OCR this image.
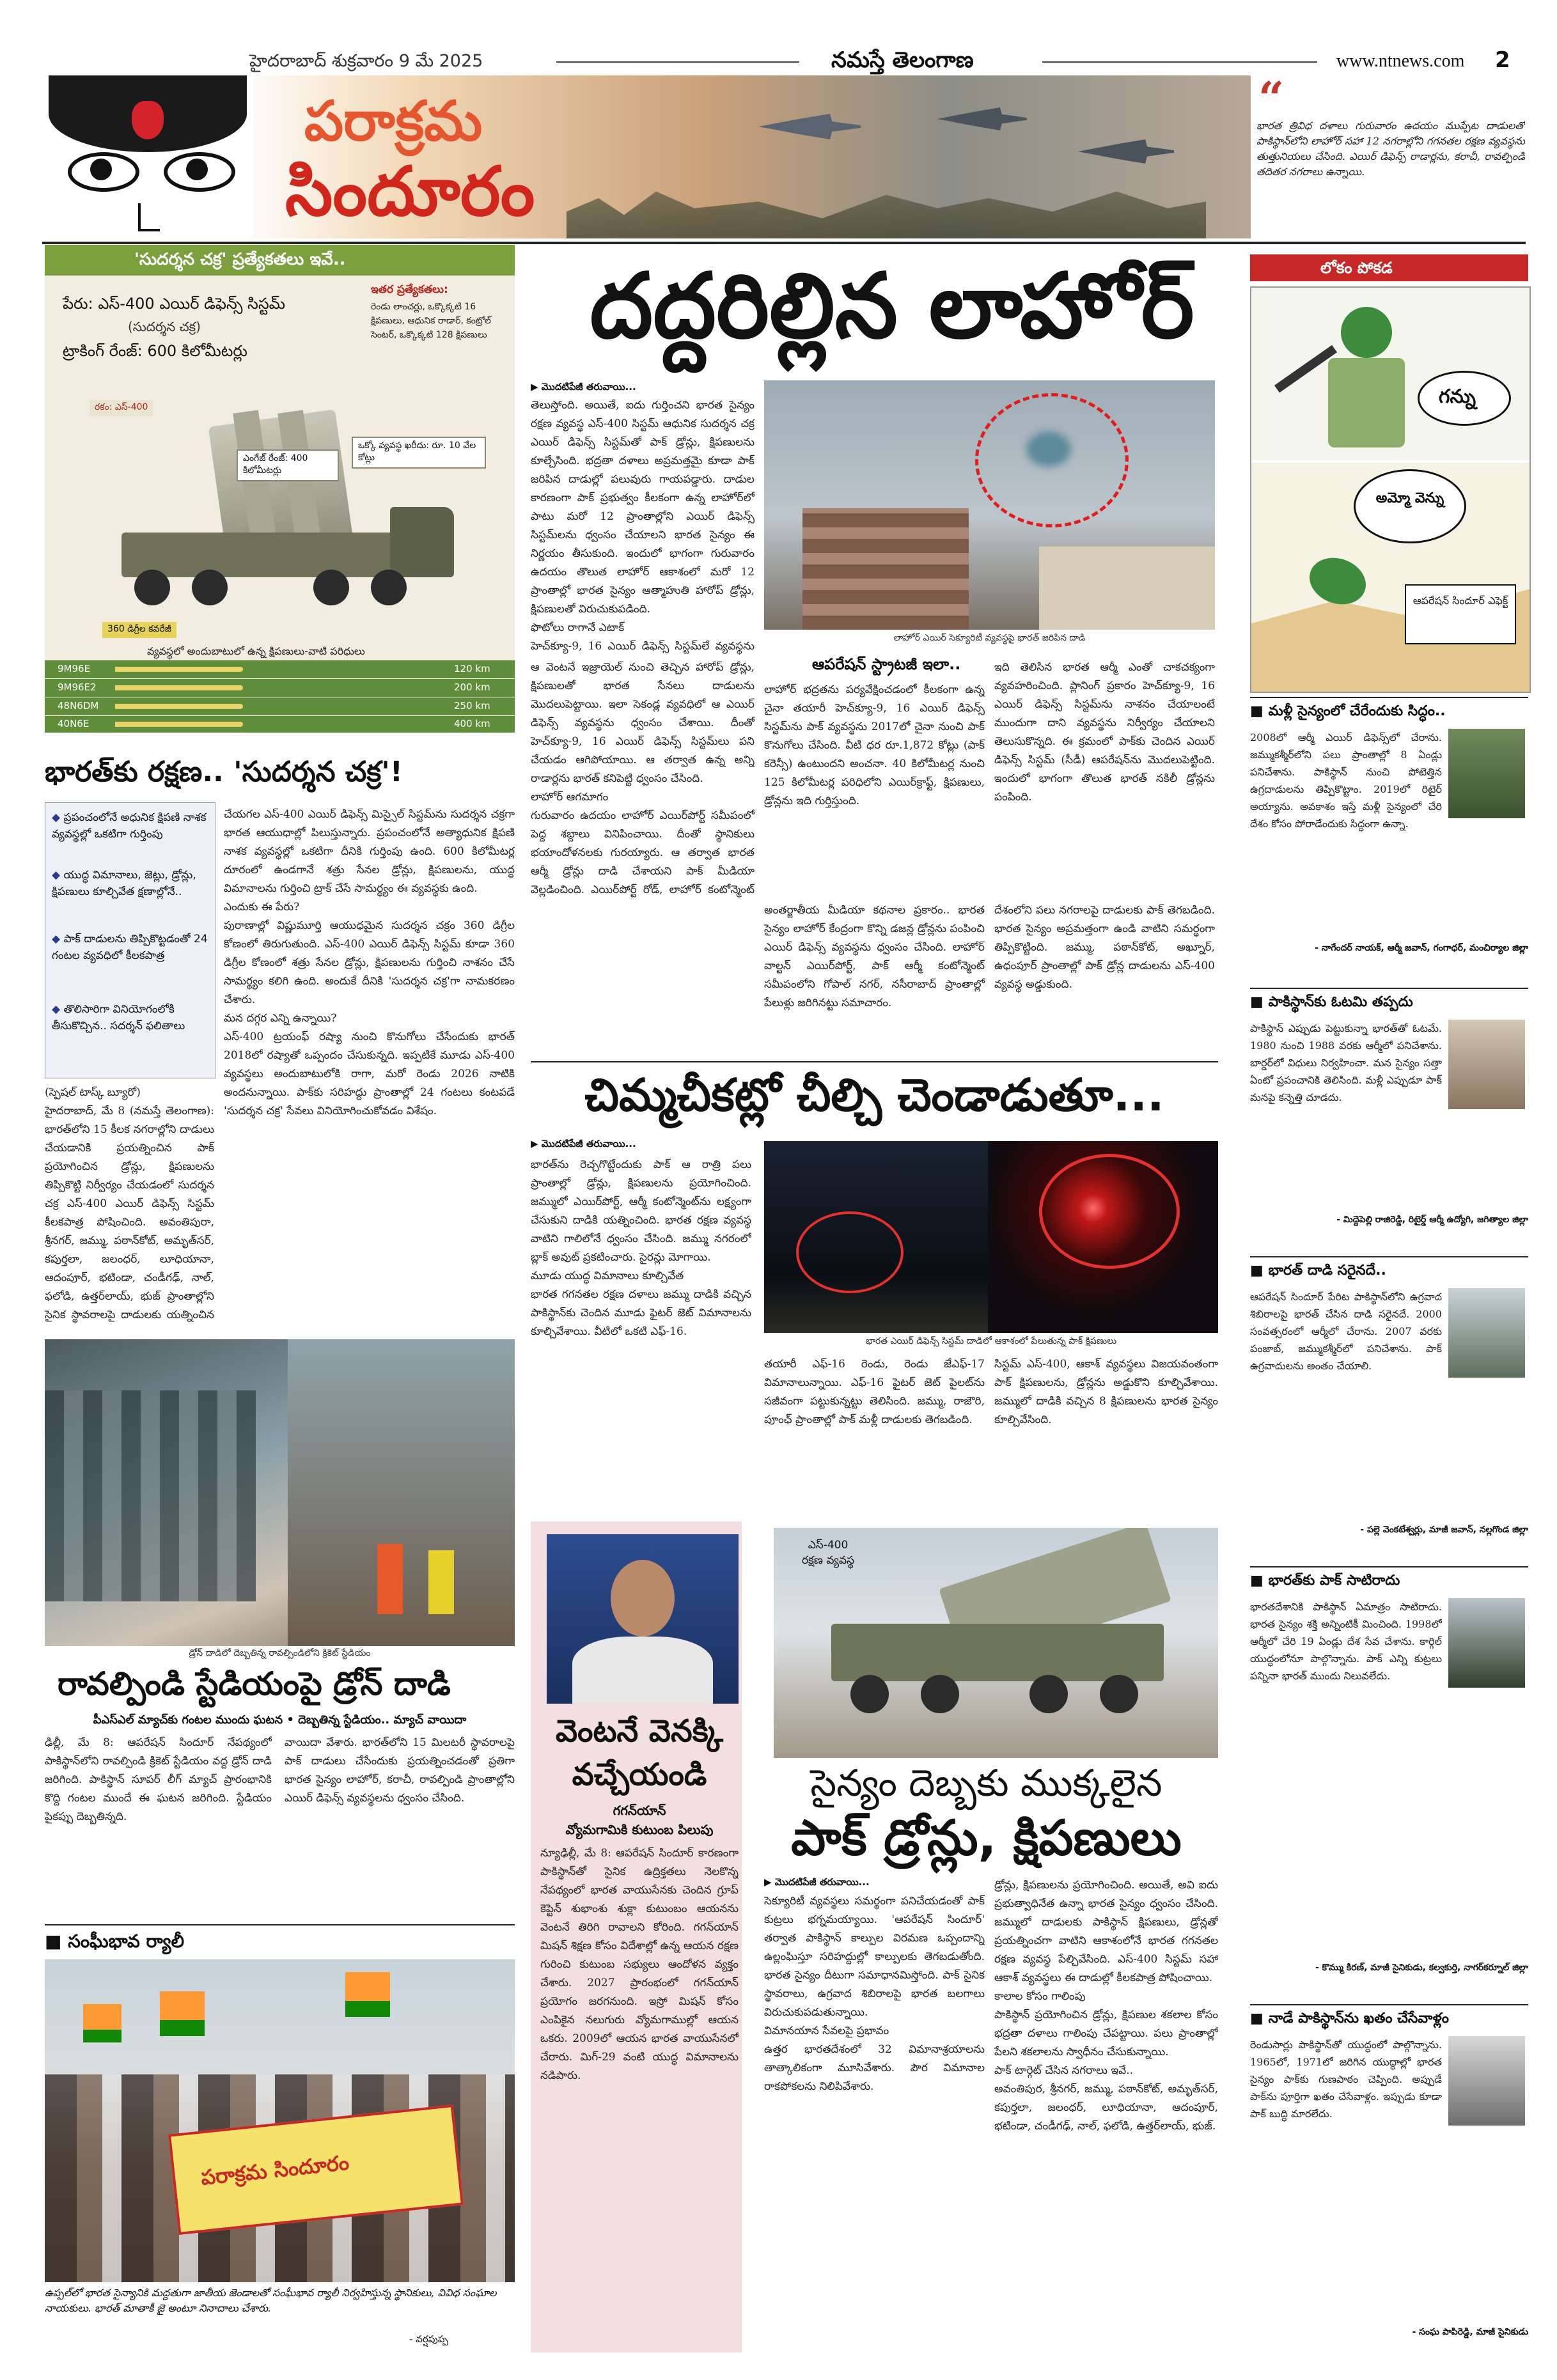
హైదరాబాద్ శుక్రవారం 9 మే 2025	నమస్తే తెలంగాణ	www.ntnews.com 2
పరాక్రమ
సిందూరం
“
భారత త్రివిధ దళాలు గురువారం ఉదయం ముప్పేట దాడులతో పాకిస్థాన్‌లోని లాహోర్ సహా 12 నగరాల్లోని గగనతల రక్షణ వ్యవస్థను తుత్తునియలు చేసింది. ఎయిర్ డిఫెన్స్ రాడార్లను, కరాచీ, రావల్పిండి తదితర నగరాలు ఉన్నాయి.
'సుదర్శన చక్ర' ప్రత్యేకతలు ఇవే..
పేరు: ఎస్-400 ఎయిర్ డిఫెన్స్ సిస్టమ్
(సుదర్శన చక్ర)
ట్రాకింగ్ రేంజ్: 600 కిలోమీటర్లు
ఇతర ప్రత్యేకతలు:
రెండు లాంచర్లు, ఒక్కొక్కటి 16 క్షిపణులు, ఆధునిక రాడార్, కంట్రోల్ సెంటర్, ఒక్కొక్కటి 128 క్షిపణులు
రకం: ఎస్-400
ఎంగేజ్ రేంజ్: 400 కిలోమీటర్లు
ఒక్కో వ్యవస్థ ఖరీదు: రూ. 10 వేల కోట్లు
360 డిగ్రీల కవరేజీ
వ్యవస్థలో అందుబాటులో ఉన్న క్షిపణులు-వాటి పరిధులు
9M96E	120 km
9M96E2	200 km
48N6DM	250 km
40N6E	400 km
భారత్‌కు రక్షణ.. 'సుదర్శన చక్ర'!
◆ ప్రపంచంలోనే అధునిక క్షిపణి నాశక వ్యవస్థల్లో ఒకటిగా గుర్తింపు
◆ యుద్ధ విమానాలు, జెట్లు, డ్రోన్లు, క్షిపణులు కూల్చివేత క్షణాల్లోనే..
◆ పాక్ దాడులను తిప్పికొట్టడంతో 24 గంటల వ్యవధిలో కీలకపాత్ర
◆ తొలిసారిగా వినియోగంలోకి తీసుకొచ్చిన.. సదర్శన్ ఫలితాలు
(స్పెషల్ టాస్క్ బ్యూరో)
హైదరాబాద్, మే 8 (నమస్తే తెలంగాణ): భారత్‌లోని 15 కీలక నగరాల్లోని దాడులు చేయడానికి ప్రయత్నించిన పాక్ ప్రయోగించిన డ్రోన్లు, క్షిపణులను తిప్పికొట్టి నిర్వీర్యం చేయడంలో సుదర్శన చక్ర ఎస్-400 ఎయిర్ డిఫెన్స్ సిస్టమ్ కీలకపాత్ర పోషించింది. అవంతిపురా, శ్రీనగర్, జమ్ము, పఠాన్‌కోట్, అమృత్‌సర్, కపుర్తలా, జలంధర్, లూధియానా, ఆదంపూర్, భటిండా, చండీగఢ్, నాల్, ఫలోడి, ఉత్తర్‌లాయ్, భుజ్ ప్రాంతాల్లోని సైనిక స్థావరాలపై దాడులకు యత్నించిన

చేయగల ఎస్-400 ఎయిర్ డిఫెన్స్ మిస్సైల్ సిస్టమ్‌ను సుదర్శన చక్రగా భారత ఆయుధాల్లో పిలుస్తున్నారు. ప్రపంచంలోనే అత్యాధునిక క్షిపణి నాశక వ్యవస్థల్లో ఒకటిగా దీనికి గుర్తింపు ఉంది. 600 కిలోమీటర్ల దూరంలో ఉండగానే శత్రు సేనల డ్రోన్లు, క్షిపణులను, యుద్ధ విమానాలను గుర్తించి ట్రాక్ చేసే సామర్థ్యం ఈ వ్యవస్థకు ఉంది.
ఎందుకు ఈ పేరు?
పురాణాల్లో విష్ణుమూర్తి ఆయుధమైన సుదర్శన చక్రం 360 డిగ్రీల కోణంలో తిరుగుతుంది. ఎస్-400 ఎయిర్ డిఫెన్స్ సిస్టమ్ కూడా 360 డిగ్రీల కోణంలో శత్రు సేనల డ్రోన్లు, క్షిపణులను గుర్తించి నాశనం చేసే సామర్థ్యం కలిగి ఉంది. అందుకే దీనికి 'సుదర్శన చక్ర'గా నామకరణం చేశారు.
మన దగ్గర ఎన్ని ఉన్నాయి?
ఎస్-400 ట్రయంఫ్ రష్యా నుంచి కొనుగోలు చేసేందుకు భారత్ 2018లో రష్యాతో ఒప్పందం చేసుకున్నది. ఇప్పటికే మూడు ఎస్-400 వ్యవస్థలు అందుబాటులోకి రాగా, మరో రెండు 2026 నాటికి అందనున్నాయి. పాక్‌కు సరిహద్దు ప్రాంతాల్లో 24 గంటలు కంటపడే 'సుదర్శన చక్ర' సేవలు వినియోగించుకోవడం విశేషం.
డ్రోన్ దాడిలో దెబ్బతిన్న రావల్పిండిలోని క్రికెట్ స్టేడియం
రావల్పిండి స్టేడియంపై డ్రోన్ దాడి
పీఎస్ఎల్ మ్యాచ్‌కు గంటల ముందు ఘటన • దెబ్బతిన్న స్టేడియం.. మ్యాచ్ వాయిదా
ఢిల్లీ, మే 8: ఆపరేషన్ సిందూర్ నేపథ్యంలో పాకిస్థాన్‌లోని రావల్పిండి క్రికెట్ స్టేడియం వద్ద డ్రోన్ దాడి జరిగింది. పాకిస్థాన్ సూపర్ లీగ్ మ్యాచ్ ప్రారంభానికి కొద్ది గంటల ముందే ఈ ఘటన జరిగింది. స్టేడియం పైకప్పు దెబ్బతిన్నది.
వాయిదా వేశారు. భారత్‌లోని 15 మిలటరీ స్థావరాలపై పాక్ దాడులు చేసేందుకు ప్రయత్నించడంతో ప్రతిగా భారత సైన్యం లాహోర్, కరాచీ, రావల్పిండి ప్రాంతాల్లోని ఎయిర్ డిఫెన్స్ వ్యవస్థలను ధ్వంసం చేసింది.
■ సంఘీభావ ర్యాలీ
పరాక్రమ సిందూరం
ఉప్పల్‌లో భారత సైన్యానికి మద్దతుగా జాతీయ జెండాలతో సంఘీభావ ర్యాలీ నిర్వహిస్తున్న స్థానికులు, వివిధ సంఘాల నాయకులు. భారత్ మాతాకీ జై అంటూ నినాదాలు చేశారు.
- వర్షపుప్ప
దద్దరిల్లిన లాహోర్
▶ మొదటిపేజీ తరువాయి...
తెలుస్తోంది. అయితే, ఐదు గుర్తించని భారత సైన్యం రక్షణ వ్యవస్థ ఎస్-400 సిస్టమ్ ఆధునిక సుదర్శన చక్ర ఎయిర్ డిఫెన్స్ సిస్టమ్‌తో పాక్ డ్రోన్లు, క్షిపణులను కూల్చేసింది. భద్రతా దళాలు అప్రమత్తమై కూడా పాక్ జరిపిన దాడుల్లో పలువురు గాయపడ్డారు. దాడుల కారణంగా పాక్ ప్రభుత్వం కీలకంగా ఉన్న లాహోర్‌లో పాటు మరో 12 ప్రాంతాల్లోని ఎయిర్ డిఫెన్స్ సిస్టమ్‌లను ధ్వంసం చేయాలని భారత సైన్యం ఈ నిర్ణయం తీసుకుంది. ఇందులో భాగంగా గురువారం ఉదయం తొలుత లాహోర్ ఆకాశంలో మరో 12 ప్రాంతాల్లో భారత సైన్యం ఆత్మాహుతి హారోప్ డ్రోన్లు, క్షిపణులతో విరుచుకుపడింది.
ఫొటోలు రాగానే ఎటాక్
హెచ్‌క్యూ-9, 16 ఎయిర్ డిఫెన్స్ సిస్టమ్‌లే వ్యవస్థను
లాహోర్ ఎయిర్ సెక్యూరిటీ వ్యవస్థపై భారత్ జరిపిన దాడి
ఆపరేషన్ స్ట్రాటజీ ఇలా..
ఆ వెంటనే ఇజ్రాయెల్ నుంచి తెచ్చిన హారోప్ డ్రోన్లు, క్షిపణులతో భారత సేనలు దాడులను మొదలుపెట్టాయి. ఇలా సెకండ్ల వ్యవధిలో ఆ ఎయిర్ డిఫెన్స్ వ్యవస్థను ధ్వంసం చేశాయి. దీంతో హెచ్‌క్యూ-9, 16 ఎయిర్ డిఫెన్స్ సిస్టమ్‌లు పని చేయడం ఆగిపోయాయి. ఆ తర్వాత ఉన్న అన్ని రాడార్లను భారత్ కనిపెట్టి ధ్వంసం చేసింది.
లాహోర్ ఆగమాగం
గురువారం ఉదయం లాహోర్ ఎయిర్‌పోర్ట్ సమీపంలో పెద్ద శబ్దాలు వినిపించాయి. దీంతో స్థానికులు భయాందోళనలకు గురయ్యారు. ఆ తర్వాత భారత ఆర్మీ డ్రోన్లు దాడి చేశాయని పాక్ మీడియా వెల్లడించింది. ఎయిర్‌పోర్ట్ రోడ్, లాహోర్ కంటోన్మెంట్
లాహోర్ భద్రతను పర్యవేక్షించడంలో కీలకంగా ఉన్న చైనా తయారీ హెచ్‌క్యూ-9, 16 ఎయిర్ డిఫెన్స్ సిస్టమ్‌ను పాక్ వ్యవస్థను 2017లో చైనా నుంచి పాక్ కొనుగోలు చేసింది. వీటి ధర రూ.1,872 కోట్లు (పాక్ కరెన్సీ) ఉంటుందని అంచనా. 40 కిలోమీటర్ల నుంచి 125 కిలోమీటర్ల పరిధిలోని ఎయిర్‌క్రాఫ్ట్, క్షిపణులు, డ్రోన్లను ఇది గుర్తిస్తుంది.
ఇది తెలిసిన భారత ఆర్మీ ఎంతో చాకచక్యంగా వ్యవహరించింది. ప్లానింగ్ ప్రకారం హెచ్‌క్యూ-9, 16 ఎయిర్ డిఫెన్స్ సిస్టమ్‌ను నాశనం చేయాలంటే ముందుగా దాని వ్యవస్థను నిర్వీర్యం చేయాలని తెలుసుకొన్నది. ఈ క్రమంలో పాక్‌కు చెందిన ఎయిర్ డిఫెన్స్ సిస్టమ్ (సీడీ) ఆపరేషన్‌ను మొదలుపెట్టింది. ఇందులో భాగంగా తొలుత భారత్ నకిలీ డ్రోన్లను పంపింది.
అంతర్జాతీయ మీడియా కథనాల ప్రకారం.. భారత సైన్యం లాహోర్ కేంద్రంగా కొన్ని డజన్ల డ్రోన్లను పంపించి ఎయిర్ డిఫెన్స్ వ్యవస్థను ధ్వంసం చేసింది. లాహోర్ వాల్టన్ ఎయిర్‌పోర్ట్, పాక్ ఆర్మీ కంటోన్మెంట్ సమీపంలోని గోపాల్ నగర్, నసీరాబాద్ ప్రాంతాల్లో పేలుళ్లు జరిగినట్టు సమాచారం.
దేశంలోని పలు నగరాలపై దాడులకు పాక్ తెగబడింది. భారత సైన్యం అప్రమత్తంగా ఉండి వాటిని సమర్థంగా తిప్పికొట్టింది. జమ్ము, పఠాన్‌కోట్, అఖ్నూర్, ఉధంపూర్ ప్రాంతాల్లో పాక్ డ్రోన్ల దాడులను ఎస్-400 వ్యవస్థ అడ్డుకుంది.
చిమ్మచీకట్లో చీల్చి చెండాడుతూ...
▶ మొదటిపేజీ తరువాయి...
భారత్‌ను రెచ్చగొట్టేందుకు పాక్ ఆ రాత్రి పలు ప్రాంతాల్లో డ్రోన్లు, క్షిపణులను ప్రయోగించింది. జమ్ములో ఎయిర్‌పోర్ట్, ఆర్మీ కంటోన్మెంట్‌ను లక్ష్యంగా చేసుకుని దాడికి యత్నించింది. భారత రక్షణ వ్యవస్థ వాటిని గాలిలోనే ధ్వంసం చేసింది. జమ్ము నగరంలో బ్లాక్ అవుట్ ప్రకటించారు. సైరన్లు మోగాయి.
మూడు యుద్ధ విమానాలు కూల్చివేత
భారత గగనతల రక్షణ దళాలు జమ్ము దాడికి వచ్చిన పాకిస్థాన్‌కు చెందిన మూడు ఫైటర్ జెట్ విమానాలను కూల్చివేశాయి. వీటిలో ఒకటి ఎఫ్-16.
భారత ఎయిర్ డిఫెన్స్ సిస్టమ్ దాడిలో ఆకాశంలో పేలుతున్న పాక్ క్షిపణులు
తయారీ ఎఫ్-16 రెండు, రెండు జేఎఫ్-17 విమానాలున్నాయి. ఎఫ్-16 ఫైటర్ జెట్ పైలట్‌ను సజీవంగా పట్టుకున్నట్టు తెలిసింది. జమ్ము, రాజౌరి, పూంఛ్ ప్రాంతాల్లో పాక్ మళ్లీ దాడులకు తెగబడింది.
సిస్టమ్ ఎస్-400, ఆకాశ్ వ్యవస్థలు విజయవంతంగా పాక్ క్షిపణులను, డ్రోన్లను అడ్డుకొని కూల్చివేశాయి. జమ్ములో దాడికి వచ్చిన 8 క్షిపణులను భారత సైన్యం కూల్చివేసింది.
వెంటనే వెనక్కి
వచ్చేయండి
గగన్‌యాన్
వ్యోమగామికి కుటుంబ పిలుపు
న్యూఢిల్లీ, మే 8: ఆపరేషన్ సిందూర్ కారణంగా పాకిస్థాన్‌తో సైనిక ఉద్రిక్తతలు నెలకొన్న నేపథ్యంలో భారత వాయుసేనకు చెందిన గ్రూప్ కెప్టెన్ శుభాంశు శుక్లా కుటుంబం ఆయనను వెంటనే తిరిగి రావాలని కోరింది. గగన్‌యాన్ మిషన్ శిక్షణ కోసం విదేశాల్లో ఉన్న ఆయన రక్షణ గురించి కుటుంబ సభ్యులు ఆందోళన వ్యక్తం చేశారు. 2027 ప్రారంభంలో గగన్‌యాన్ ప్రయోగం జరగనుంది. ఇస్రో మిషన్ కోసం ఎంపికైన నలుగురు వ్యోమగాముల్లో ఆయన ఒకరు. 2009లో ఆయన భారత వాయుసేనలో చేరారు. మిగ్-29 వంటి యుద్ధ విమానాలను నడిపారు.
ఎస్-400
రక్షణ వ్యవస్థ
సైన్యం దెబ్బకు ముక్కలైన
పాక్ డ్రోన్లు, క్షిపణులు
▶ మొదటిపేజీ తరువాయి...
సెక్యూరిటీ వ్యవస్థలు సమర్థంగా పనిచేయడంతో పాక్ కుట్రలు భగ్నమయ్యాయి. 'ఆపరేషన్ సిందూర్' తర్వాత పాకిస్థాన్ కాల్పుల విరమణ ఒప్పందాన్ని ఉల్లంఘిస్తూ సరిహద్దుల్లో కాల్పులకు తెగబడుతోంది. భారత సైన్యం దీటుగా సమాధానమిస్తోంది. పాక్ సైనిక స్థావరాలు, ఉగ్రవాద శిబిరాలపై భారత బలగాలు విరుచుకుపడుతున్నాయి.
విమానయాన సేవలపై ప్రభావం
ఉత్తర భారతదేశంలో 32 విమానాశ్రయాలను తాత్కాలికంగా మూసివేశారు. పౌర విమానాల రాకపోకలను నిలిపివేశారు.
డ్రోన్లు, క్షిపణులను ప్రయోగించింది. అయితే, అవి ఐదు ప్రభుత్వాధినేత ఉన్నా భారత సైన్యం ధ్వంసం చేసింది. జమ్ములో దాడులకు పాకిస్థాన్ క్షిపణులు, డ్రోన్లతో ప్రయత్నించగా వాటిని ఆకాశంలోనే భారత గగనతల రక్షణ వ్యవస్థ పేల్చివేసింది. ఎస్-400 సిస్టమ్ సహా ఆకాశ్ వ్యవస్థలు ఈ దాడుల్లో కీలకపాత్ర పోషించాయి.
కాలాల కోసం గాలింపు
పాకిస్థాన్ ప్రయోగించిన డ్రోన్లు, క్షిపణుల శకలాల కోసం భద్రతా దళాలు గాలింపు చేపట్టాయి. పలు ప్రాంతాల్లో పేలని శకలాలను స్వాధీనం చేసుకున్నాయి.
పాక్ టార్గెట్ చేసిన నగరాలు ఇవే..
అవంతిపుర, శ్రీనగర్, జమ్ము, పఠాన్‌కోట్, అమృత్‌సర్, కపుర్తలా, జలంధర్, లూధియానా, ఆదంపూర్, భటిండా, చండీగఢ్, నాల్, ఫలోడి, ఉత్తర్‌లాయ్, భుజ్.
లోకం పోకడ
గన్ను
అమ్మో వెన్ను
ఆపరేషన్ సిందూర్ ఎఫెక్ట్
■ మళ్లీ సైన్యంలో చేరేందుకు సిద్ధం..
2008లో ఆర్మీ ఎయిర్ డిఫెన్స్‌లో చేరాను. జమ్ముకశ్మీర్‌లోని పలు ప్రాంతాల్లో 8 ఏండ్లు పనిచేశాను. పాకిస్థాన్ నుంచి పోటెత్తిన ఉగ్రదాడులను తిప్పికొట్టాం. 2019లో రిటైర్ అయ్యాను. అవకాశం ఇస్తే మళ్లీ సైన్యంలో చేరి దేశం కోసం పోరాడేందుకు సిద్ధంగా ఉన్నా.
- నాగేందర్ నాయక్, ఆర్మీ జవాన్, గంగాధర్, మంచిర్యాల జిల్లా
■ పాకిస్థాన్‌కు ఓటమి తప్పదు
పాకిస్థాన్‌ ఎప్పుడు పెట్టుకున్నా భారత్‌తో ఓటమే. 1980 నుంచి 1988 వరకు ఆర్మీలో పనిచేశాను. బార్డర్‌లో విధులు నిర్వహించా. మన సైన్యం సత్తా ఏంటో ప్రపంచానికి తెలిసింది. మళ్లీ ఎప్పుడూ పాక్ మనపై కన్నెత్తి చూడదు.
- మిద్దెపెల్లి రాజిరెడ్డి, రిటైర్డ్ ఆర్మీ ఉద్యోగి, జగిత్యాల జిల్లా
■ భారత్ దాడి సరైనదే..
ఆపరేషన్ సిందూర్‌ పేరిట పాకిస్థాన్‌లోని ఉగ్రవాద శిబిరాలపై భారత్ చేసిన దాడి సరైనదే. 2000 సంవత్సరంలో ఆర్మీలో చేరాను. 2007 వరకు పంజాబ్, జమ్ముకశ్మీర్‌లో పనిచేశాను. పాక్ ఉగ్రవాదులను అంతం చేయాలి.
- పల్లె వెంకటేశ్వర్లు, మాజీ జవాన్, నల్లగొండ జిల్లా
■ భారత్‌కు పాక్ సాటిరాదు
భారతదేశానికి పాకిస్థాన్ ఏమాత్రం సాటిరాదు. భారత సైన్యం శక్తి అన్నింటికీ మించింది. 1998లో ఆర్మీలో చేరి 19 ఏండ్లు దేశ సేవ చేశాను. కార్గిల్ యుద్ధంలోనూ పాల్గొన్నాను. పాక్ ఎన్ని కుట్రలు పన్నినా భారత్ ముందు నిలువలేదు.
- కొమ్ము కిరణ్, మాజీ సైనికుడు, కల్వకుర్తి, నాగర్‌కర్నూల్ జిల్లా
■ నాడే పాకిస్థాన్‌ను ఖతం చేసేవాళ్లం
రెండుసార్లు పాకిస్థాన్‌తో యుద్ధంలో పాల్గొన్నాను. 1965లో, 1971లో జరిగిన యుద్ధాల్లో భారత సైన్యం పాక్‌కు గుణపాఠం చెప్పింది. అప్పుడే పాక్‌ను పూర్తిగా ఖతం చేసేవాళ్లం. ఇప్పుడు కూడా పాక్ బుద్ధి మారలేదు.
- సంఘ పాపిరెడ్డి, మాజీ సైనికుడు
